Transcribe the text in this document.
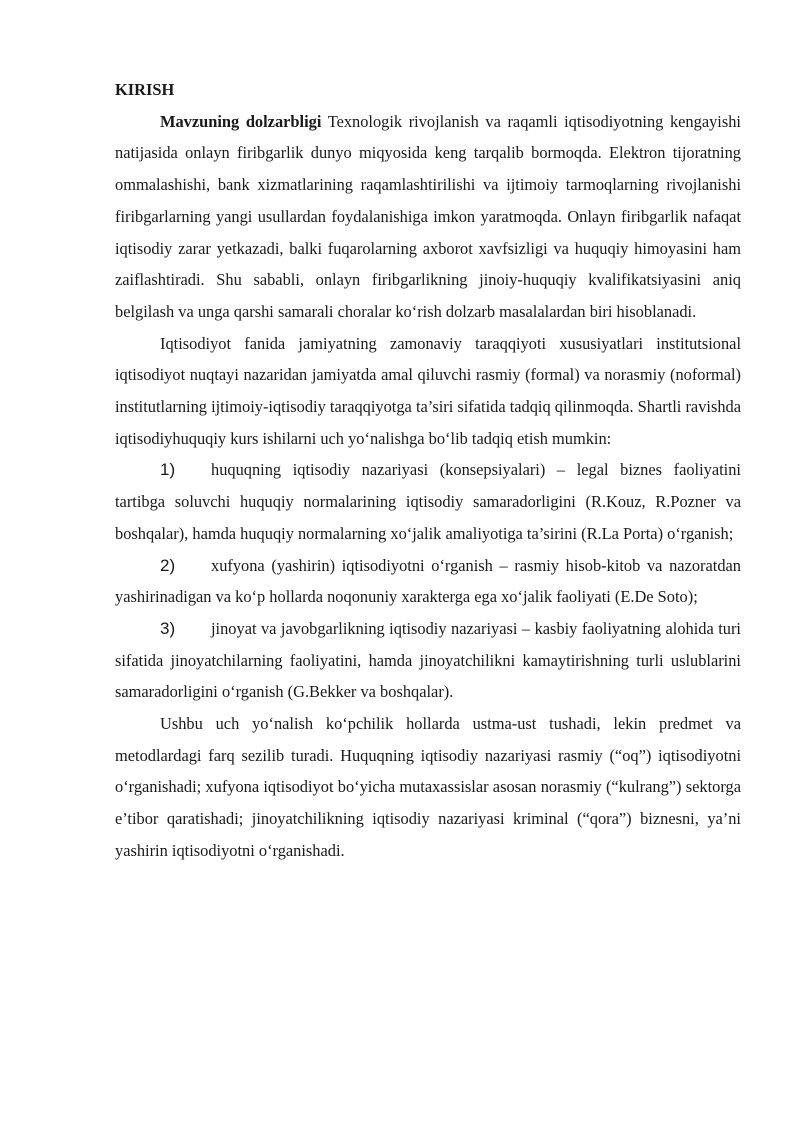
KIRISH

Mavzuning dolzarbligi Texnologik rivojlanish va raqamli iqtisodiyotning kengayishi natijasida onlayn firibgarlik dunyo miqyosida keng tarqalib bormoqda. Elektron tijoratning ommalashishi, bank xizmatlarining raqamlashtirilishi va ijtimoiy tarmoqlarning rivojlanishi firibgarlarning yangi usullardan foydalanishiga imkon yaratmoqda. Onlayn firibgarlik nafaqat iqtisodiy zarar yetkazadi, balki fuqarolarning axborot xavfsizligi va huquqiy himoyasini ham zaiflashtiradi. Shu sababli, onlayn firibgarlikning jinoiy-huquqiy kvalifikatsiyasini aniq belgilash va unga qarshi samarali choralar ko‘rish dolzarb masalalardan biri hisoblanadi.

Iqtisodiyot fanida jamiyatning zamonaviy taraqqiyoti xususiyatlari institutsional iqtisodiyot nuqtayi nazaridan jamiyatda amal qiluvchi rasmiy (formal) va norasmiy (noformal) institutlarning ijtimoiy-iqtisodiy taraqqiyotga ta’siri sifatida tadqiq qilinmoqda. Shartli ravishda iqtisodiyhuquqiy kurs ishilarni uch yo‘nalishga bo‘lib tadqiq etish mumkin:

1) huquqning iqtisodiy nazariyasi (konsepsiyalari) – legal biznes faoliyatini tartibga soluvchi huquqiy normalarining iqtisodiy samaradorligini (R.Kouz, R.Pozner va boshqalar), hamda huquqiy normalarning xo‘jalik amaliyotiga ta’sirini (R.La Porta) o‘rganish;

2) xufyona (yashirin) iqtisodiyotni o‘rganish – rasmiy hisob-kitob va nazoratdan yashirinadigan va ko‘p hollarda noqonuniy xarakterga ega xo‘jalik faoliyati (E.De Soto);

3) jinoyat va javobgarlikning iqtisodiy nazariyasi – kasbiy faoliyatning alohida turi sifatida jinoyatchilarning faoliyatini, hamda jinoyatchilikni kamaytirishning turli uslublarini samaradorligini o‘rganish (G.Bekker va boshqalar).

Ushbu uch yo‘nalish ko‘pchilik hollarda ustma-ust tushadi, lekin predmet va metodlardagi farq sezilib turadi. Huquqning iqtisodiy nazariyasi rasmiy (“oq”) iqtisodiyotni o‘rganishadi; xufyona iqtisodiyot bo‘yicha mutaxassislar asosan norasmiy (“kulrang”) sektorga e’tibor qaratishadi; jinoyatchilikning iqtisodiy nazariyasi kriminal (“qora”) biznesni, ya’ni yashirin iqtisodiyotni o‘rganishadi.
